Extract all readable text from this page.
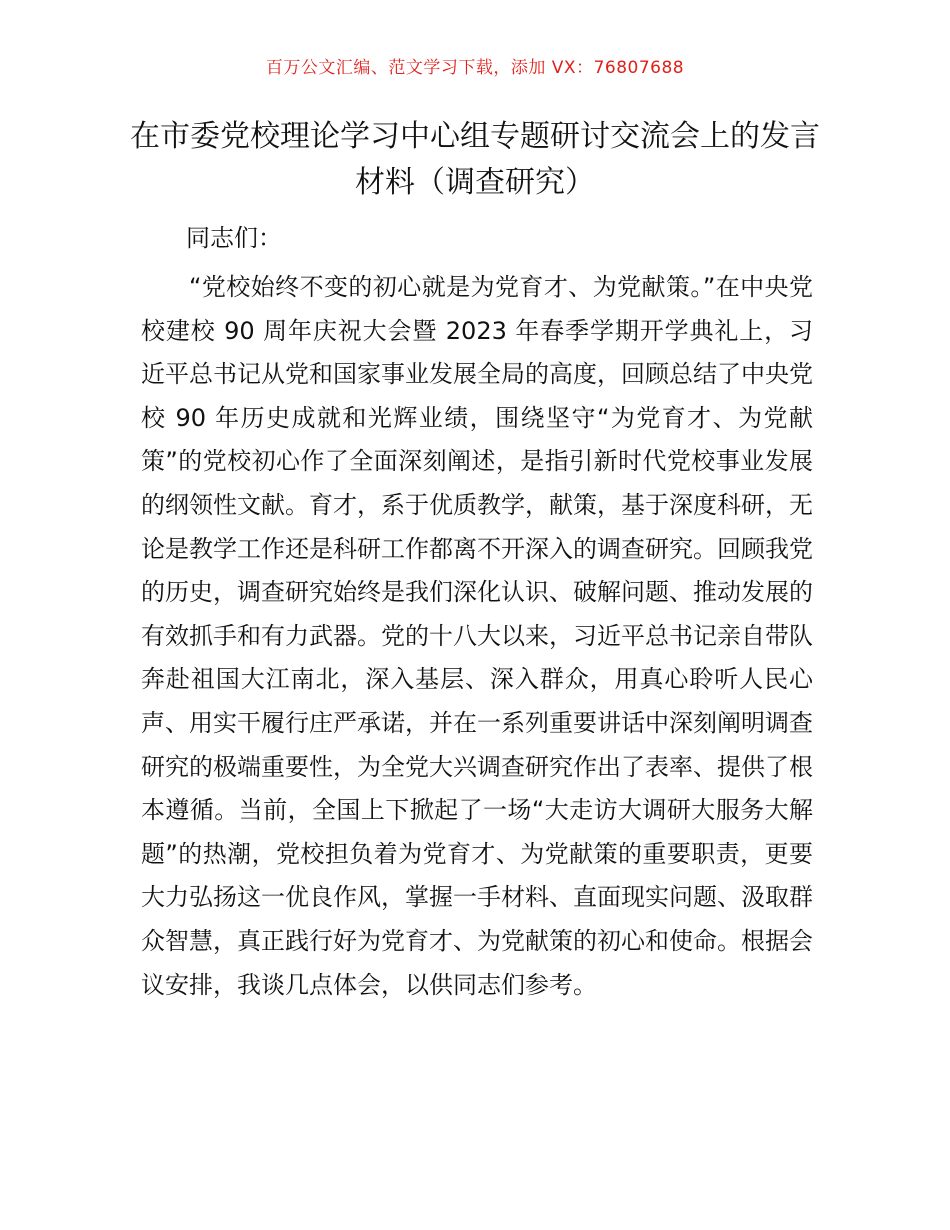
百万公文汇编、范文学习下载，添加 VX：76807688
在市委党校理论学习中心组专题研讨交流会上的发言材料（调查研究）
同志们：
“党校始终不变的初心就是为党育才、为党献策。”在中央党校建校 90 周年庆祝大会暨 2023 年春季学期开学典礼上，习近平总书记从党和国家事业发展全局的高度，回顾总结了中央党校 90 年历史成就和光辉业绩，围绕坚守“为党育才、为党献策”的党校初心作了全面深刻阐述，是指引新时代党校事业发展的纲领性文献。育才，系于优质教学，献策，基于深度科研，无论是教学工作还是科研工作都离不开深入的调查研究。回顾我党的历史，调查研究始终是我们深化认识、破解问题、推动发展的有效抓手和有力武器。党的十八大以来，习近平总书记亲自带队奔赴祖国大江南北，深入基层、深入群众，用真心聆听人民心声、用实干履行庄严承诺，并在一系列重要讲话中深刻阐明调查研究的极端重要性，为全党大兴调查研究作出了表率、提供了根本遵循。当前，全国上下掀起了一场“大走访大调研大服务大解题”的热潮，党校担负着为党育才、为党献策的重要职责，更要大力弘扬这一优良作风，掌握一手材料、直面现实问题、汲取群众智慧，真正践行好为党育才、为党献策的初心和使命。根据会议安排，我谈几点体会，以供同志们参考。
